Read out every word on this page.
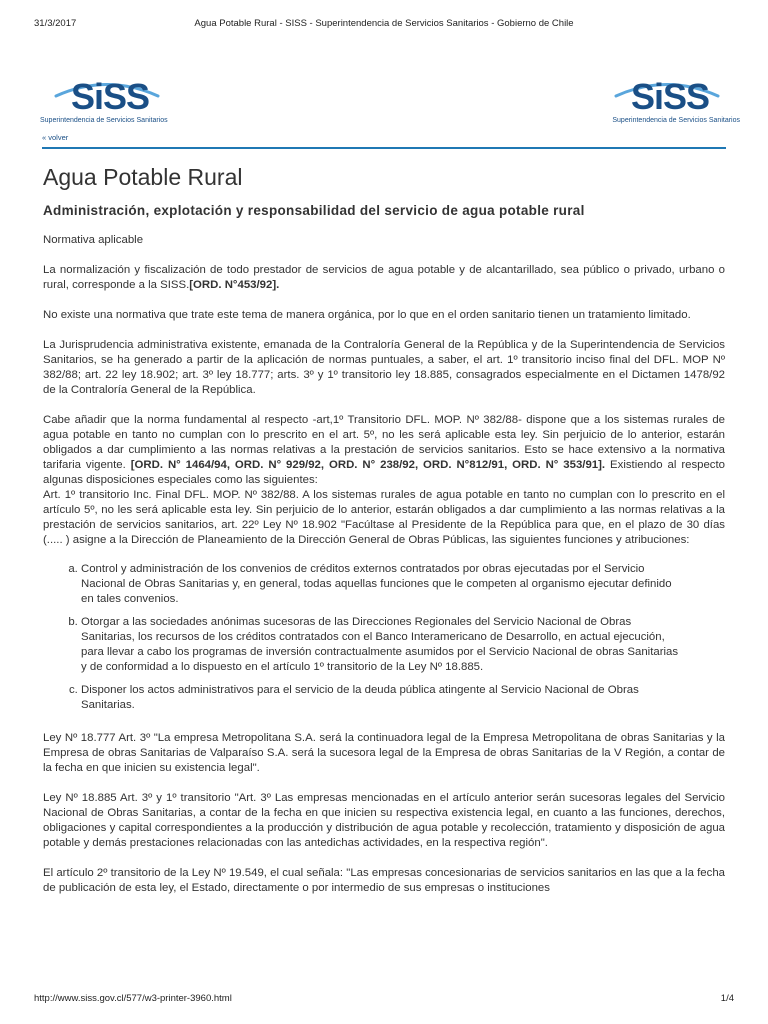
Agua Potable Rural - SISS - Superintendencia de Servicios Sanitarios - Gobierno de Chile
31/3/2017
SiSS
Superintendencia de Servicios Sanitarios
SiSS
Superintendencia de Servicios Sanitarios
« volver
Agua Potable Rural
Administración, explotación y responsabilidad del servicio de agua potable rural

Normativa aplicable

La normalización y fiscalización de todo prestador de servicios de agua potable y de alcantarillado, sea público o privado, urbano o rural, corresponde a la SISS.[ORD. N°453/92].

No existe una normativa que trate este tema de manera orgánica, por lo que en el orden sanitario tienen un tratamiento limitado.

La Jurisprudencia administrativa existente, emanada de la Contraloría General de la República y de la Superintendencia de Servicios Sanitarios, se ha generado a partir de la aplicación de normas puntuales, a saber, el art. 1º transitorio inciso final del DFL. MOP Nº 382/88; art. 22 ley 18.902; art. 3º ley 18.777; arts. 3º y 1º transitorio ley 18.885, consagrados especialmente en el Dictamen 1478/92 de la Contraloría General de la República.

Cabe añadir que la norma fundamental al respecto -art,1º Transitorio DFL. MOP. Nº 382/88- dispone que a los sistemas rurales de agua potable en tanto no cumplan con lo prescrito en el art. 5º, no les será aplicable esta ley. Sin perjuicio de lo anterior, estarán obligados a dar cumplimiento a las normas relativas a la prestación de servicios sanitarios. Esto se hace extensivo a la normativa tarifaria vigente. [ORD. N° 1464/94, ORD. N° 929/92, ORD. N° 238/92, ORD. N°812/91, ORD. N° 353/91]. Existiendo al respecto algunas disposiciones especiales como las siguientes:

Art. 1º transitorio Inc. Final DFL. MOP. Nº 382/88. A los sistemas rurales de agua potable en tanto no cumplan con lo prescrito en el artículo 5º, no les será aplicable esta ley. Sin perjuicio de lo anterior, estarán obligados a dar cumplimiento a las normas relativas a la prestación de servicios sanitarios, art. 22º Ley Nº 18.902 "Facúltase al Presidente de la República para que, en el plazo de 30 días (..... ) asigne a la Dirección de Planeamiento de la Dirección General de Obras Públicas, las siguientes funciones y atribuciones:

a. Control y administración de los convenios de créditos externos contratados por obras ejecutadas por el Servicio Nacional de Obras Sanitarias y, en general, todas aquellas funciones que le competen al organismo ejecutar definido en tales convenios.
b. Otorgar a las sociedades anónimas sucesoras de las Direcciones Regionales del Servicio Nacional de Obras Sanitarias, los recursos de los créditos contratados con el Banco Interamericano de Desarrollo, en actual ejecución, para llevar a cabo los programas de inversión contractualmente asumidos por el Servicio Nacional de obras Sanitarias y de conformidad a lo dispuesto en el artículo 1º transitorio de la Ley Nº 18.885.
c. Disponer los actos administrativos para el servicio de la deuda pública atingente al Servicio Nacional de Obras Sanitarias.

Ley Nº 18.777 Art. 3º "La empresa Metropolitana S.A. será la continuadora legal de la Empresa Metropolitana de obras Sanitarias y la Empresa de obras Sanitarias de Valparaíso S.A. será la sucesora legal de la Empresa de obras Sanitarias de la V Región, a contar de la fecha en que inicien su existencia legal".

Ley Nº 18.885 Art. 3º y 1º transitorio "Art. 3º Las empresas mencionadas en el artículo anterior serán sucesoras legales del Servicio Nacional de Obras Sanitarias, a contar de la fecha en que inicien su respectiva existencia legal, en cuanto a las funciones, derechos, obligaciones y capital correspondientes a la producción y distribución de agua potable y recolección, tratamiento y disposición de agua potable y demás prestaciones relacionadas con las antedichas actividades, en la respectiva región".

El artículo 2º transitorio de la Ley Nº 19.549, el cual señala: "Las empresas concesionarias de servicios sanitarios en las que a la fecha de publicación de esta ley, el Estado, directamente o por intermedio de sus empresas o instituciones

http://www.siss.gov.cl/577/w3-printer-3960.html	1/4
